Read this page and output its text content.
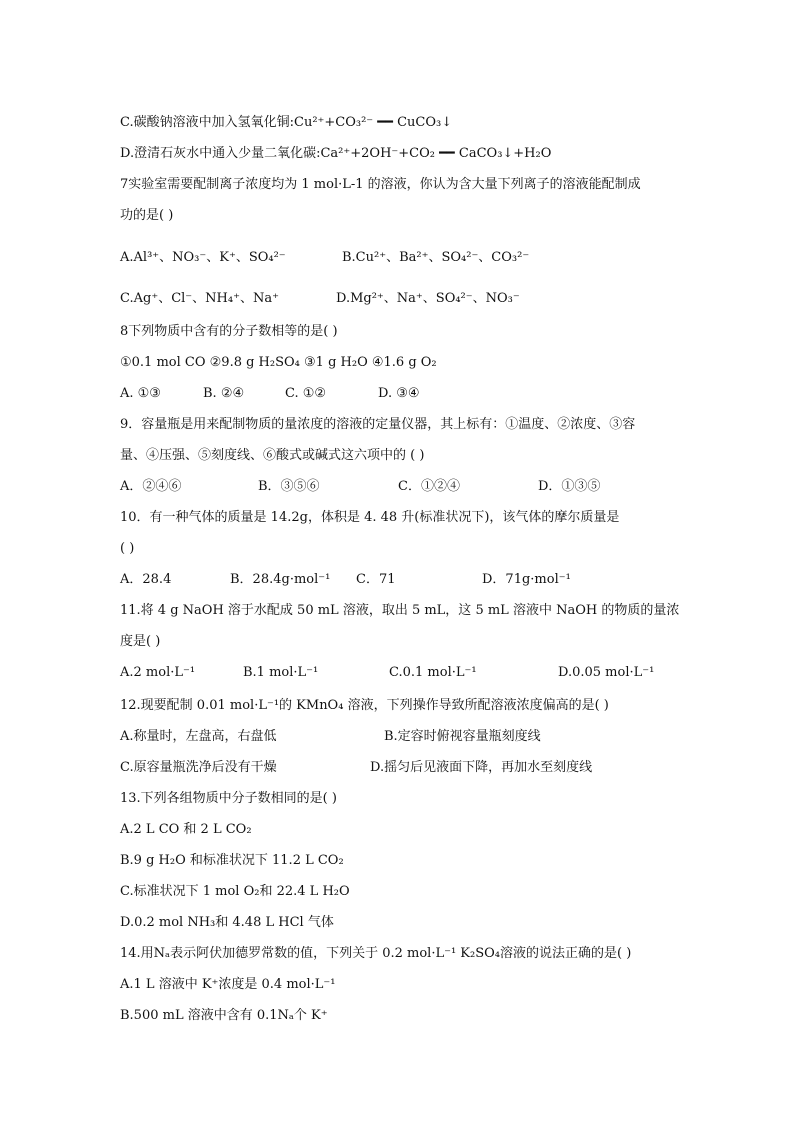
C.碳酸钠溶液中加入氢氧化铜:Cu²⁺+CO₃²⁻ ━━ CuCO₃↓
D.澄清石灰水中通入少量二氧化碳:Ca²⁺+2OH⁻+CO₂ ━━ CaCO₃↓+H₂O
7实验室需要配制离子浓度均为 1 mol·L-1 的溶液，你认为含大量下列离子的溶液能配制成
功的是( )
A.Al³⁺、NO₃⁻、K⁺、SO₄²⁻	B.Cu²⁺、Ba²⁺、SO₄²⁻、CO₃²⁻
C.Ag⁺、Cl⁻、NH₄⁺、Na⁺	D.Mg²⁺、Na⁺、SO₄²⁻、NO₃⁻
8下列物质中含有的分子数相等的是( )
①0.1 mol CO ②9.8 g H₂SO₄ ③1 g H₂O ④1.6 g O₂
A. ①③	B. ②④	C. ①②	D. ③④
9．容量瓶是用来配制物质的量浓度的溶液的定量仪器，其上标有：①温度、②浓度、③容
量、④压强、⑤刻度线、⑥酸式或碱式这六项中的 ( )
A．②④⑥	B．③⑤⑥	C．①②④	D．①③⑤
10．有一种气体的质量是 14.2g，体积是 4. 48 升(标准状况下)，该气体的摩尔质量是
( )
A．28.4	B．28.4g·mol⁻¹ C．71	D．71g·mol⁻¹
11.将 4 g NaOH 溶于水配成 50 mL 溶液，取出 5 mL，这 5 mL 溶液中 NaOH 的物质的量浓
度是( )
A.2 mol·L⁻¹	B.1 mol·L⁻¹	C.0.1 mol·L⁻¹	D.0.05 mol·L⁻¹
12.现要配制 0.01 mol·L⁻¹的 KMnO₄ 溶液，下列操作导致所配溶液浓度偏高的是( )
A.称量时，左盘高，右盘低	B.定容时俯视容量瓶刻度线
C.原容量瓶洗净后没有干燥	D.摇匀后见液面下降，再加水至刻度线
13.下列各组物质中分子数相同的是( )
A.2 L CO 和 2 L CO₂
B.9 g H₂O 和标准状况下 11.2 L CO₂
C.标准状况下 1 mol O₂和 22.4 L H₂O
D.0.2 mol NH₃和 4.48 L HCl 气体
14.用Nₐ表示阿伏加德罗常数的值，下列关于 0.2 mol·L⁻¹ K₂SO₄溶液的说法正确的是( )
A.1 L 溶液中 K⁺浓度是 0.4 mol·L⁻¹
B.500 mL 溶液中含有 0.1Nₐ个 K⁺
